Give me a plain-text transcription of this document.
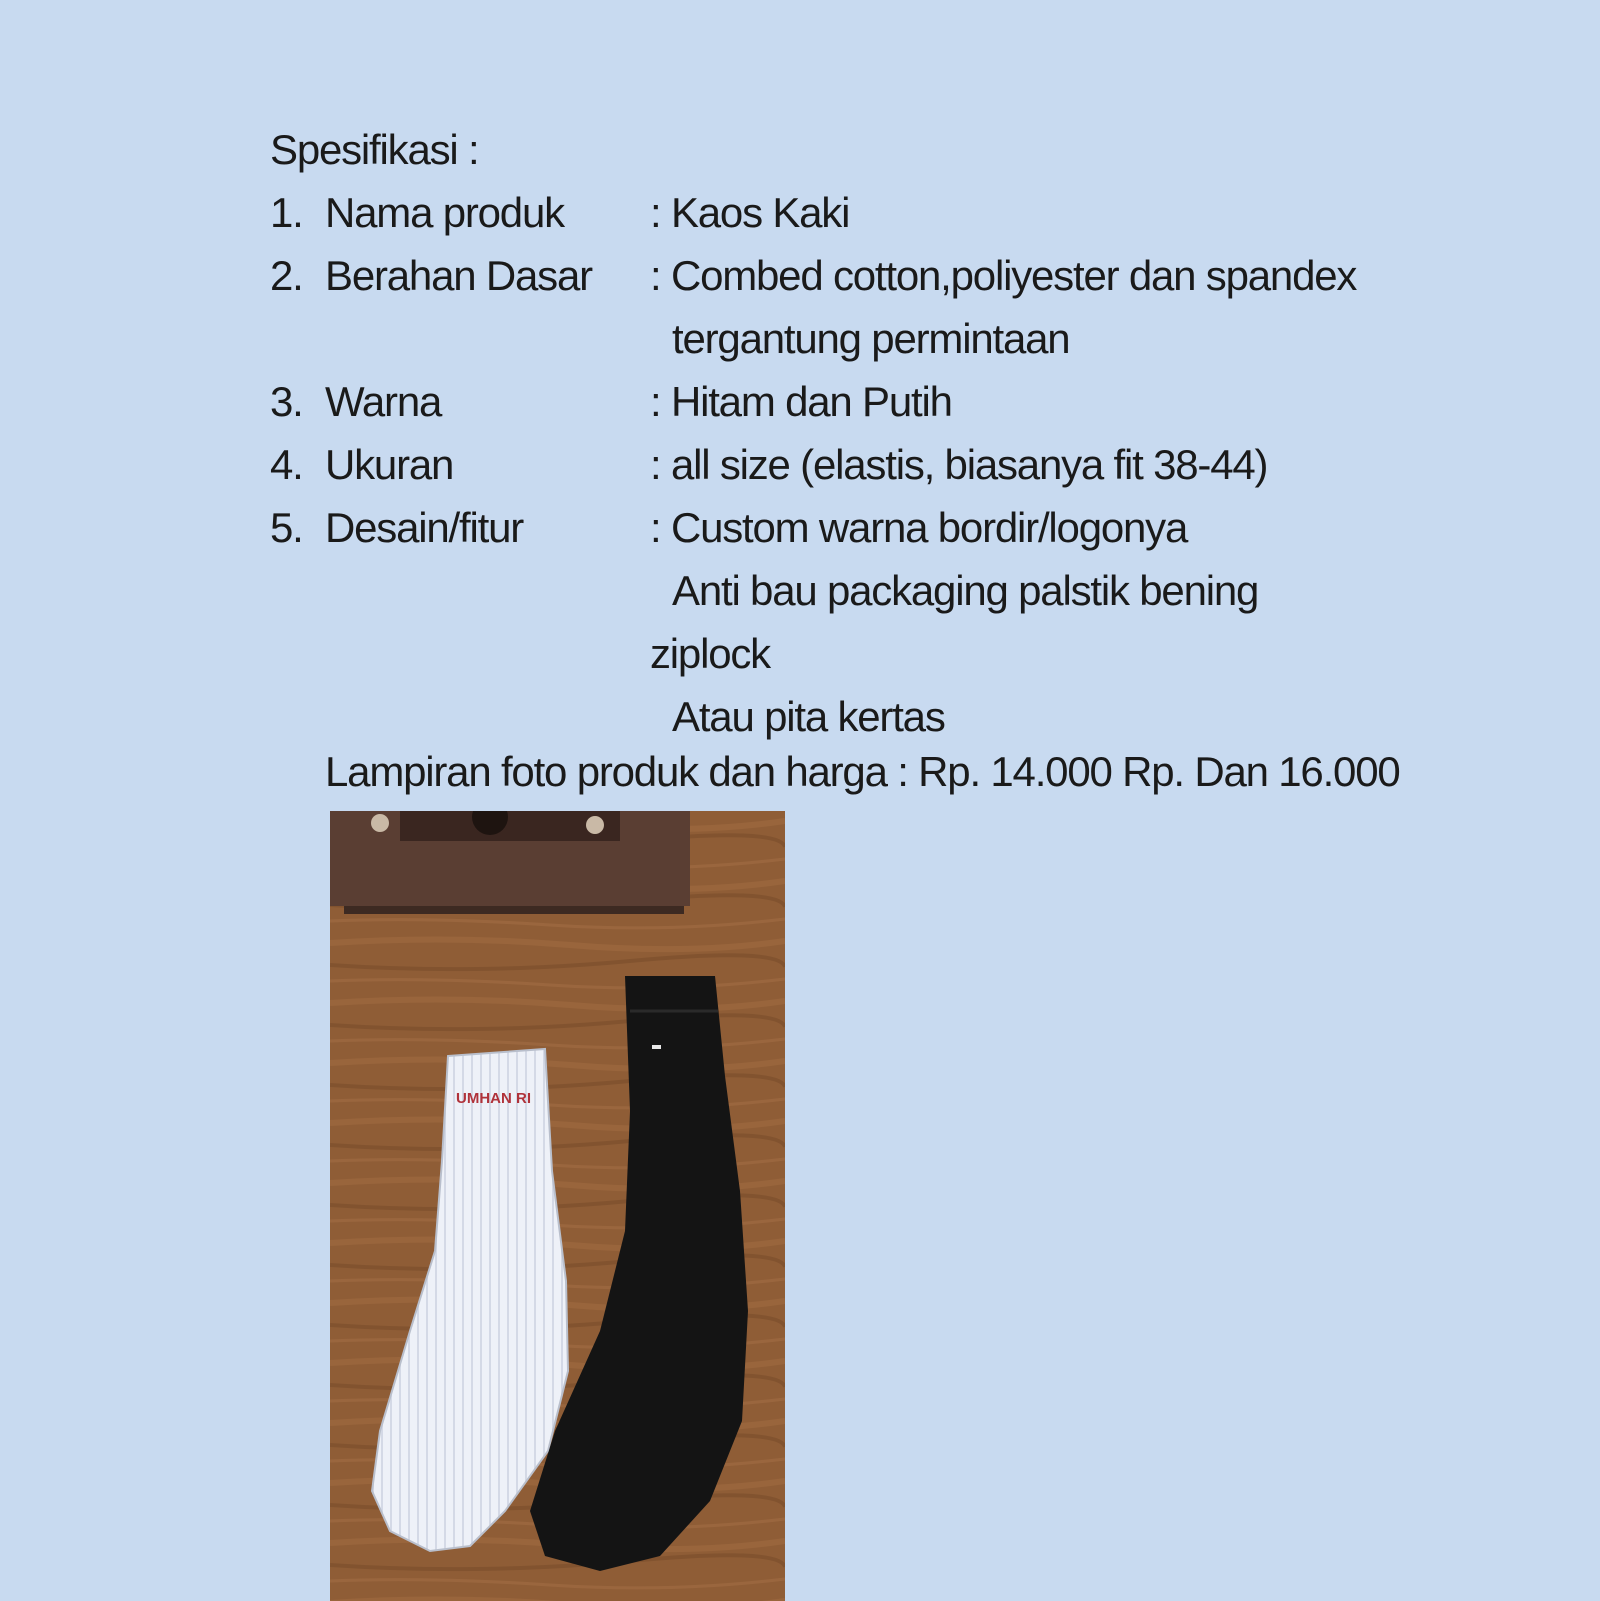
Spesifikasi :
1. Nama produk	: Kaos Kaki
2. Berahan Dasar	: Combed cotton,poliyester dan spandex
tergantung permintaan
3. Warna	: Hitam dan Putih
4. Ukuran	: all size (elastis, biasanya fit 38-44)
5. Desain/fitur	: Custom warna bordir/logonya
Anti bau packaging palstik bening
ziplock
Atau pita kertas
Lampiran foto produk dan harga : Rp. 14.000 Rp. Dan 16.000
UMHAN RI
